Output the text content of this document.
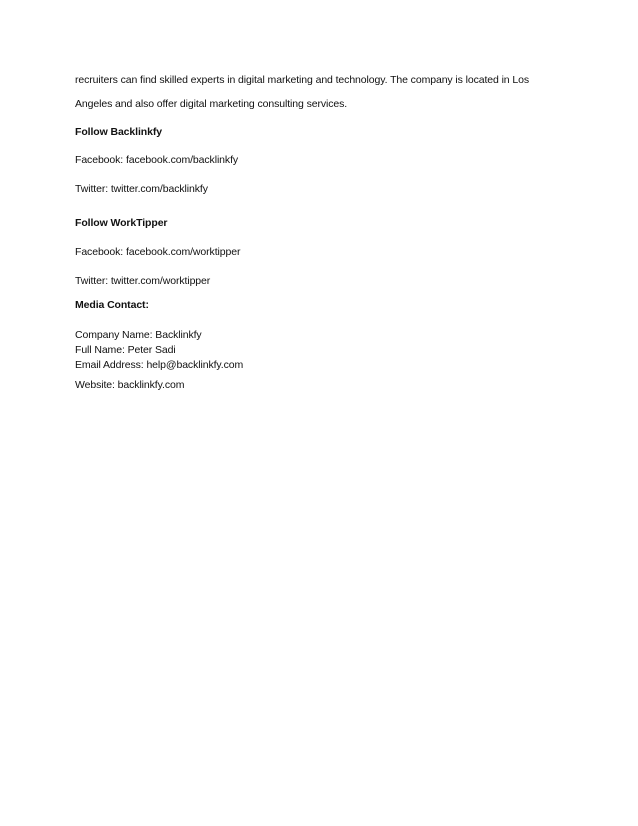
recruiters can find skilled experts in digital marketing and technology. The company is located in Los
Angeles and also offer digital marketing consulting services.
Follow Backlinkfy
Facebook: facebook.com/backlinkfy
Twitter: twitter.com/backlinkfy
Follow WorkTipper
Facebook: facebook.com/worktipper
Twitter: twitter.com/worktipper
Media Contact:
Company Name: Backlinkfy
Full Name: Peter Sadi
Email Address: help@backlinkfy.com
Website: backlinkfy.com
